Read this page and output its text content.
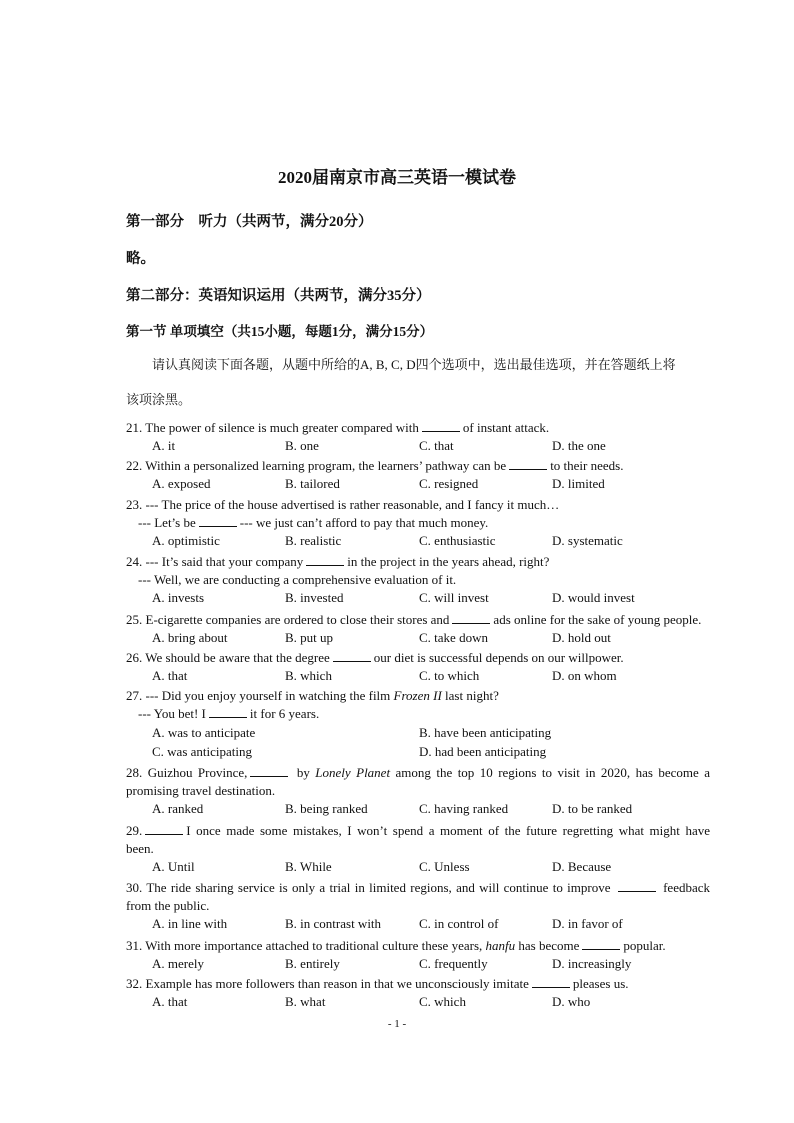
2020届南京市高三英语一模试卷
第一部分　听力（共两节，满分20分）
略。
第二部分：英语知识运用（共两节，满分35分）
第一节 单项填空（共15小题，每题1分，满分15分）
请认真阅读下面各题，从题中所给的A, B, C, D四个选项中，选出最佳选项，并在答题纸上将
该项涂黑。
21. The power of silence is much greater compared with	of instant attack.
A. it	B. one	C. that	D. the one
22. Within a personalized learning program, the learners’ pathway can be	to their needs.
A. exposed	B. tailored	C. resigned	D. limited
23. --- The price of the house advertised is rather reasonable, and I fancy it much…
--- Let’s be	--- we just can’t afford to pay that much money.
A. optimistic	B. realistic	C. enthusiastic	D. systematic
24. --- It’s said that your company	in the project in the years ahead, right?
--- Well, we are conducting a comprehensive evaluation of it.
A. invests	B. invested	C. will invest	D. would invest
25. E-cigarette companies are ordered to close their stores and	ads online for the sake of young people.
A. bring about	B. put up	C. take down	D. hold out
26. We should be aware that the degree	our diet is successful depends on our willpower.
A. that	B. which	C. to which	D. on whom
27. --- Did you enjoy yourself in watching the film Frozen II last night?
--- You bet! I	it for 6 years.
A. was to anticipate	B. have been anticipating
C. was anticipating	D. had been anticipating
28. Guizhou Province,	by Lonely Planet among the top 10 regions to visit in 2020, has become a
promising travel destination.
A. ranked	B. being ranked	C. having ranked	D. to be ranked
29.	I once made some mistakes, I won’t spend a moment of the future regretting what might have
been.
A. Until	B. While	C. Unless	D. Because
30. The ride sharing service is only a trial in limited regions, and will continue to improve	feedback
from the public.
A. in line with	B. in contrast with	C. in control of	D. in favor of
31. With more importance attached to traditional culture these years, hanfu has become	popular.
A. merely	B. entirely	C. frequently	D. increasingly
32. Example has more followers than reason in that we unconsciously imitate	pleases us.
A. that	B. what	C. which	D. who
- 1 -
